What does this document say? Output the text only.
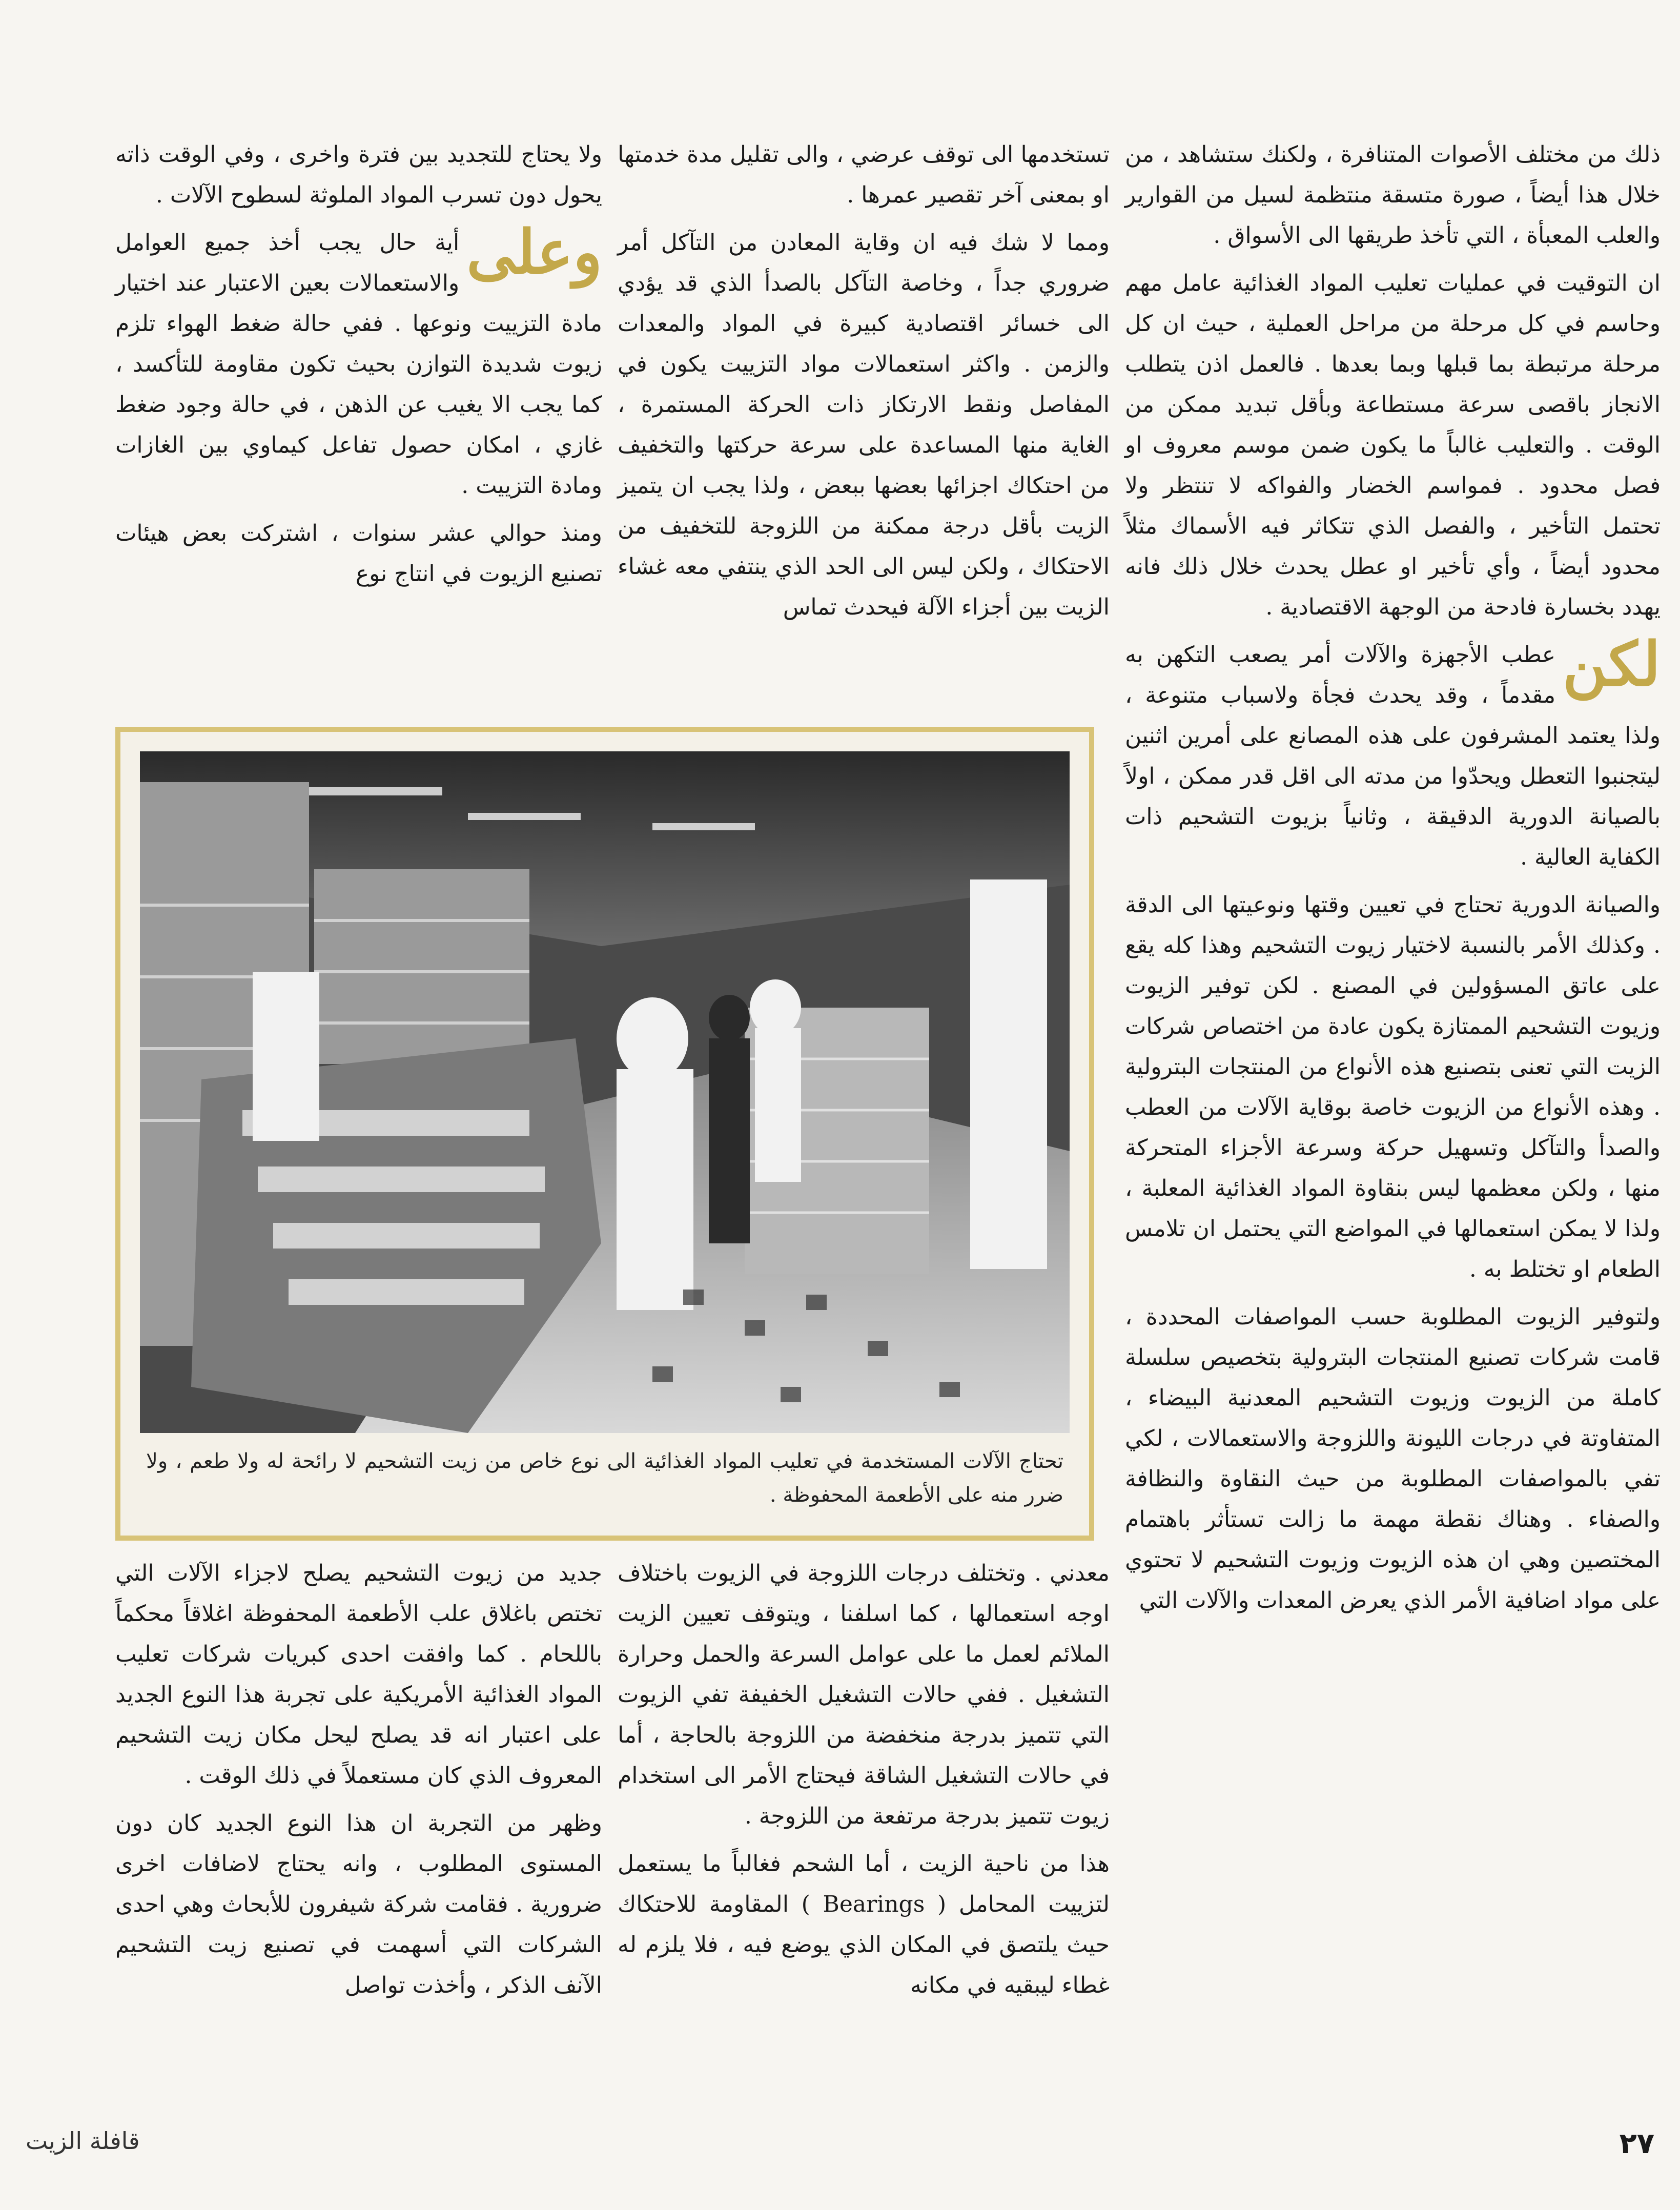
ذلك من مختلف الأصوات المتنافرة ، ولكنك ستشاهد ، من خلال هذا أيضاً ، صورة متسقة منتظمة لسيل من القوارير والعلب المعبأة ، التي تأخذ طريقها الى الأسواق .

ان التوقيت في عمليات تعليب المواد الغذائية عامل مهم وحاسم في كل مرحلة من مراحل العملية ، حيث ان كل مرحلة مرتبطة بما قبلها وبما بعدها . فالعمل اذن يتطلب الانجاز باقصى سرعة مستطاعة وبأقل تبديد ممكن من الوقت . والتعليب غالباً ما يكون ضمن موسم معروف او فصل محدود . فمواسم الخضار والفواكه لا تنتظر ولا تحتمل التأخير ، والفصل الذي تتكاثر فيه الأسماك مثلاً محدود أيضاً ، وأي تأخير او عطل يحدث خلال ذلك فانه يهدد بخسارة فادحة من الوجهة الاقتصادية .

لكن
عطب الأجهزة والآلات أمر يصعب التكهن به مقدماً ، وقد يحدث فجأة ولاسباب متنوعة ، ولذا يعتمد المشرفون على هذه المصانع على أمرين اثنين ليتجنبوا التعطل ويحدّوا من مدته الى اقل قدر ممكن ، اولاً بالصيانة الدورية الدقيقة ، وثانياً بزيوت التشحيم ذات الكفاية العالية .

والصيانة الدورية تحتاج في تعيين وقتها ونوعيتها الى الدقة . وكذلك الأمر بالنسبة لاختيار زيوت التشحيم وهذا كله يقع على عاتق المسؤولين في المصنع . لكن توفير الزيوت وزيوت التشحيم الممتازة يكون عادة من اختصاص شركات الزيت التي تعنى بتصنيع هذه الأنواع من المنتجات البترولية . وهذه الأنواع من الزيوت خاصة بوقاية الآلات من العطب والصدأ والتآكل وتسهيل حركة وسرعة الأجزاء المتحركة منها ، ولكن معظمها ليس بنقاوة المواد الغذائية المعلبة ، ولذا لا يمكن استعمالها في المواضع التي يحتمل ان تلامس الطعام او تختلط به .

ولتوفير الزيوت المطلوبة حسب المواصفات المحددة ، قامت شركات تصنيع المنتجات البترولية بتخصيص سلسلة كاملة من الزيوت وزيوت التشحيم المعدنية البيضاء ، المتفاوتة في درجات الليونة واللزوجة والاستعمالات ، لكي تفي بالمواصفات المطلوبة من حيث النقاوة والنظافة والصفاء . وهناك نقطة مهمة ما زالت تستأثر باهتمام المختصين وهي ان هذه الزيوت وزيوت التشحيم لا تحتوي على مواد اضافية الأمر الذي يعرض المعدات والآلات التي

تستخدمها الى توقف عرضي ، والى تقليل مدة خدمتها او بمعنى آخر تقصير عمرها .

ومما لا شك فيه ان وقاية المعادن من التآكل أمر ضروري جداً ، وخاصة التآكل بالصدأ الذي قد يؤدي الى خسائر اقتصادية كبيرة في المواد والمعدات والزمن . واكثر استعمالات مواد التزييت يكون في المفاصل ونقط الارتكاز ذات الحركة المستمرة ، الغاية منها المساعدة على سرعة حركتها والتخفيف من احتكاك اجزائها بعضها ببعض ، ولذا يجب ان يتميز الزيت بأقل درجة ممكنة من اللزوجة للتخفيف من الاحتكاك ، ولكن ليس الى الحد الذي ينتفي معه غشاء الزيت بين أجزاء الآلة فيحدث تماس

ولا يحتاج للتجديد بين فترة واخرى ، وفي الوقت ذاته يحول دون تسرب المواد الملوثة لسطوح الآلات .

وعلى
أية حال يجب أخذ جميع العوامل والاستعمالات بعين الاعتبار عند اختيار مادة التزييت ونوعها . ففي حالة ضغط الهواء تلزم زيوت شديدة التوازن بحيث تكون مقاومة للتأكسد ، كما يجب الا يغيب عن الذهن ، في حالة وجود ضغط غازي ، امكان حصول تفاعل كيماوي بين الغازات ومادة التزييت .

ومنذ حوالي عشر سنوات ، اشتركت بعض هيئات تصنيع الزيوت في انتاج نوع

تحتاج الآلات المستخدمة في تعليب المواد الغذائية الى نوع خاص من زيت التشحيم لا رائحة له ولا طعم ، ولا ضرر منه على الأطعمة المحفوظة .

معدني . وتختلف درجات اللزوجة في الزيوت باختلاف اوجه استعمالها ، كما اسلفنا ، ويتوقف تعيين الزيت الملائم لعمل ما على عوامل السرعة والحمل وحرارة التشغيل . ففي حالات التشغيل الخفيفة تفي الزيوت التي تتميز بدرجة منخفضة من اللزوجة بالحاجة ، أما في حالات التشغيل الشاقة فيحتاج الأمر الى استخدام زيوت تتميز بدرجة مرتفعة من اللزوجة .

هذا من ناحية الزيت ، أما الشحم فغالباً ما يستعمل لتزييت المحامل ( Bearings ) المقاومة للاحتكاك حيث يلتصق في المكان الذي يوضع فيه ، فلا يلزم له غطاء ليبقيه في مكانه

جديد من زيوت التشحيم يصلح لاجزاء الآلات التي تختص باغلاق علب الأطعمة المحفوظة اغلاقاً محكماً باللحام . كما وافقت احدى كبريات شركات تعليب المواد الغذائية الأمريكية على تجربة هذا النوع الجديد على اعتبار انه قد يصلح ليحل مكان زيت التشحيم المعروف الذي كان مستعملاً في ذلك الوقت .

وظهر من التجربة ان هذا النوع الجديد كان دون المستوى المطلوب ، وانه يحتاج لاضافات اخرى ضرورية . فقامت شركة شيفرون للأبحاث وهي احدى الشركات التي أسهمت في تصنيع زيت التشحيم الآنف الذكر ، وأخذت تواصل

٢٧
قافلة الزيت
